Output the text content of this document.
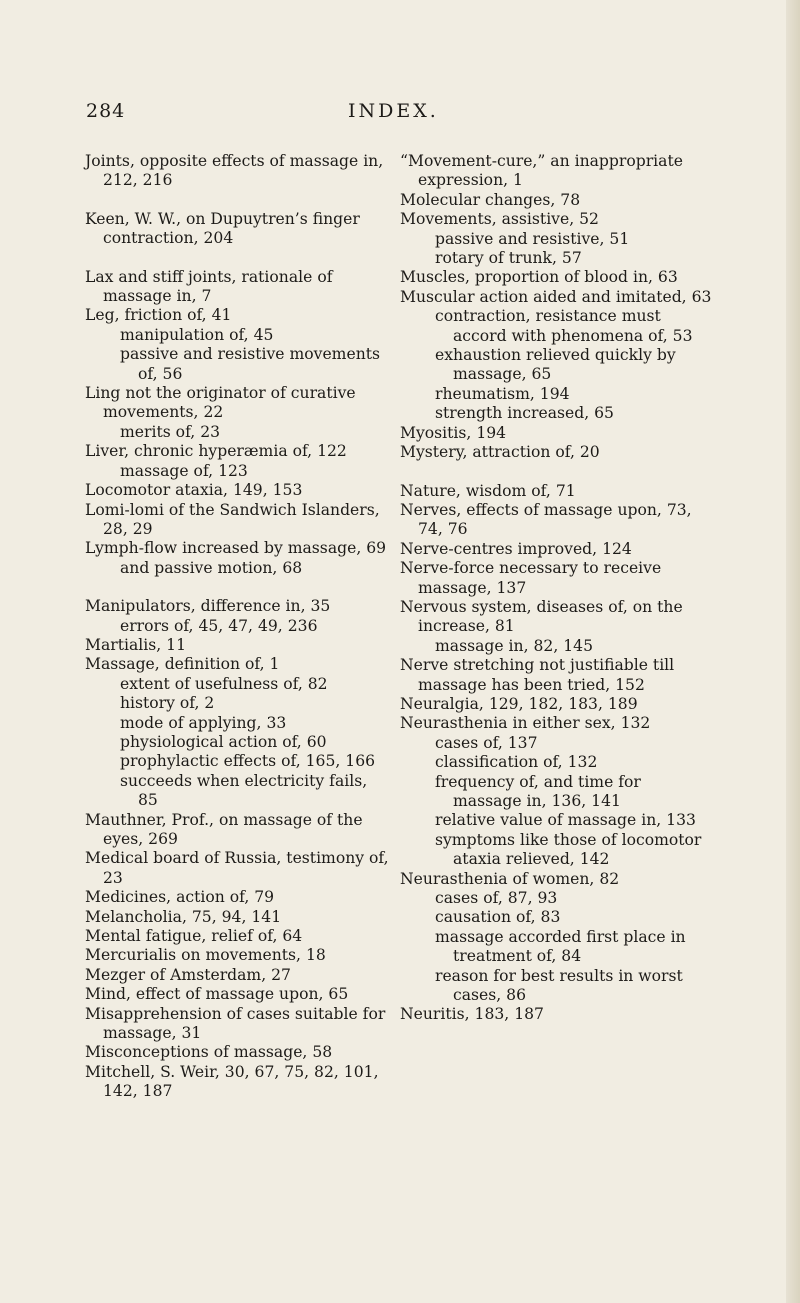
284	INDEX.

Joints, opposite effects of massage in, 212, 216

Keen, W. W., on Dupuytren’s finger contraction, 204

Lax and stiff joints, rationale of massage in, 7

Leg, friction of, 41

manipulation of, 45

passive and resistive movements of, 56

Ling not the originator of curative movements, 22

merits of, 23

Liver, chronic hyperæmia of, 122

massage of, 123

Locomotor ataxia, 149, 153

Lomi-lomi of the Sandwich Islanders, 28, 29

Lymph-flow increased by massage, 69

and passive motion, 68

Manipulators, difference in, 35

errors of, 45, 47, 49, 236

Martialis, 11

Massage, definition of, 1

extent of usefulness of, 82

history of, 2

mode of applying, 33

physiological action of, 60

prophylactic effects of, 165, 166

succeeds when electricity fails, 85

Mauthner, Prof., on massage of the eyes, 269

Medical board of Russia, testimony of, 23

Medicines, action of, 79

Melancholia, 75, 94, 141

Mental fatigue, relief of, 64

Mercurialis on movements, 18

Mezger of Amsterdam, 27

Mind, effect of massage upon, 65

Misapprehension of cases suitable for massage, 31

Misconceptions of massage, 58

Mitchell, S. Weir, 30, 67, 75, 82, 101, 142, 187

“Movement-cure,” an inappropriate expression, 1

Molecular changes, 78

Movements, assistive, 52

passive and resistive, 51

rotary of trunk, 57

Muscles, proportion of blood in, 63

Muscular action aided and imitated, 63

contraction, resistance must accord with phenomena of, 53

exhaustion relieved quickly by massage, 65

rheumatism, 194

strength increased, 65

Myositis, 194

Mystery, attraction of, 20

Nature, wisdom of, 71

Nerves, effects of massage upon, 73, 74, 76

Nerve-centres improved, 124

Nerve-force necessary to receive massage, 137

Nervous system, diseases of, on the increase, 81

massage in, 82, 145

Nerve stretching not justifiable till massage has been tried, 152

Neuralgia, 129, 182, 183, 189

Neurasthenia in either sex, 132

cases of, 137

classification of, 132

frequency of, and time for massage in, 136, 141

relative value of massage in, 133

symptoms like those of locomotor ataxia relieved, 142

Neurasthenia of women, 82

cases of, 87, 93

causation of, 83

massage accorded first place in treatment of, 84

reason for best results in worst cases, 86

Neuritis, 183, 187
